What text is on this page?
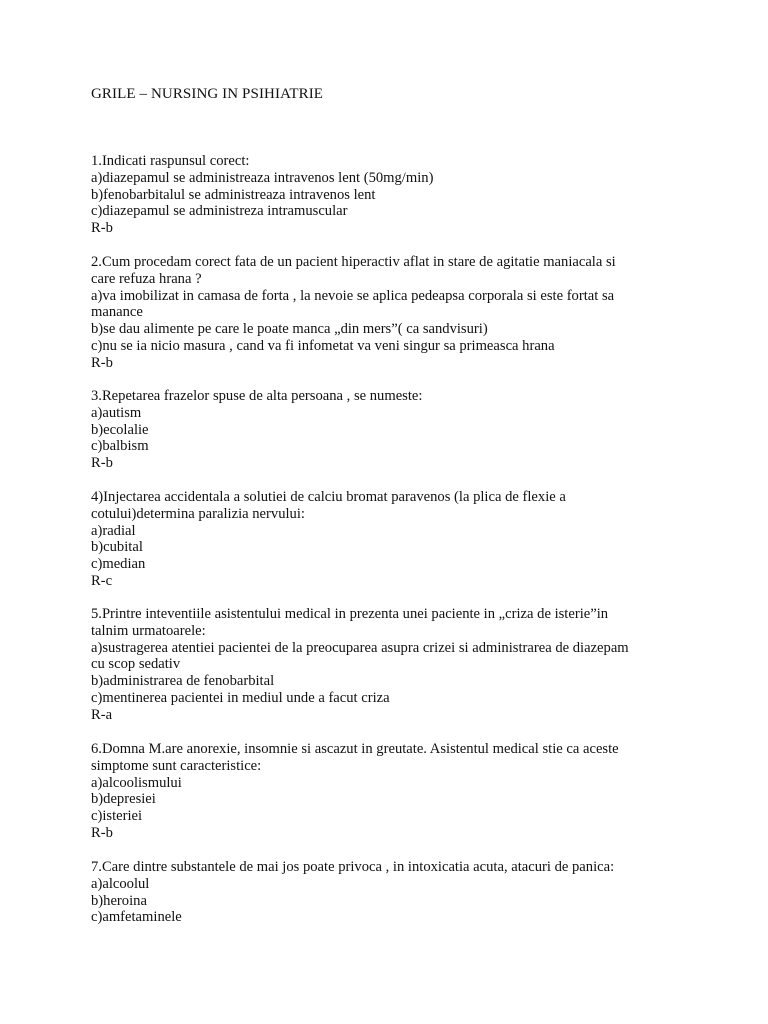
GRILE – NURSING IN PSIHIATRIE
1.Indicati raspunsul corect:
a)diazepamul se administreaza intravenos lent (50mg/min)
b)fenobarbitalul se administreaza intravenos lent
c)diazepamul se administreza intramuscular
R-b
2.Cum procedam corect fata de un pacient hiperactiv aflat in stare de agitatie maniacala si
care refuza hrana ?
a)va imobilizat in camasa de forta , la nevoie se aplica pedeapsa corporala si este fortat sa
manance
b)se dau alimente pe care le poate manca „din mers”( ca sandvisuri)
c)nu se ia nicio masura , cand va fi infometat va veni singur sa primeasca hrana
R-b
3.Repetarea frazelor spuse de alta persoana , se numeste:
a)autism
b)ecolalie
c)balbism
R-b
4)Injectarea accidentala a solutiei de calciu bromat paravenos (la plica de flexie a
cotului)determina paralizia nervului:
a)radial
b)cubital
c)median
R-c
5.Printre inteventiile asistentului medical in prezenta unei paciente in „criza de isterie”in
talnim urmatoarele:
a)sustragerea atentiei pacientei de la preocuparea asupra crizei si administrarea de diazepam
cu scop sedativ
b)administrarea de fenobarbital
c)mentinerea pacientei in mediul unde a facut criza
R-a
6.Domna M.are anorexie, insomnie si ascazut in greutate. Asistentul medical stie ca aceste
simptome sunt caracteristice:
a)alcoolismului
b)depresiei
c)isteriei
R-b
7.Care dintre substantele de mai jos poate privoca , in intoxicatia acuta, atacuri de panica:
a)alcoolul
b)heroina
c)amfetaminele
